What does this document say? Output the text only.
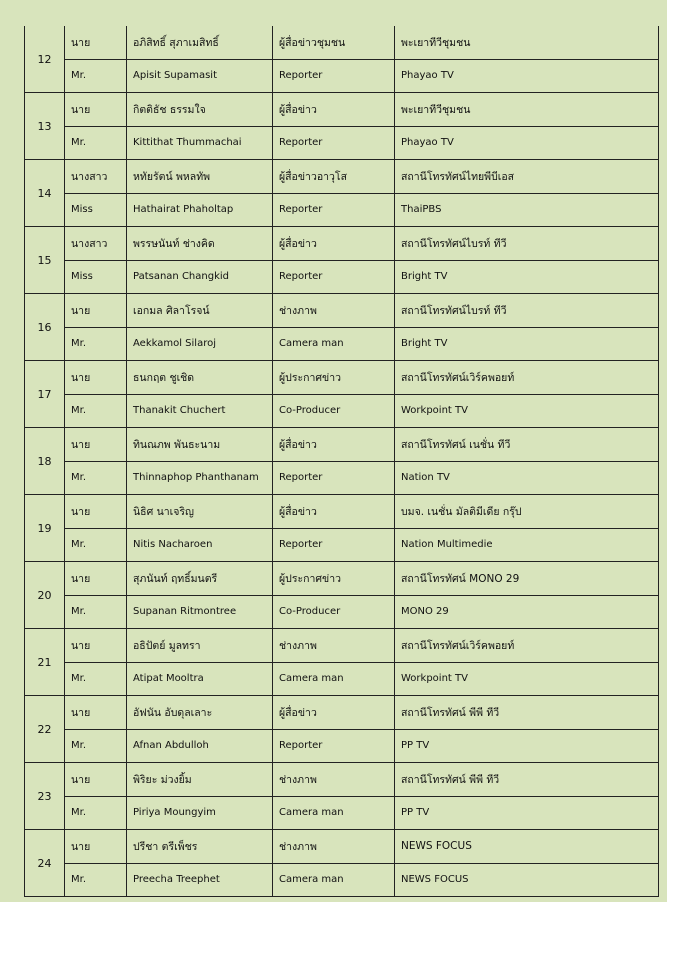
12	นาย	อภิสิทธิ์ สุภาเมสิทธิ์	ผู้สื่อข่าวชุมชน	พะเยาทีวีชุมชน
	Mr.	Apisit Supamasit	Reporter	Phayao TV
13	นาย	กิตติธัช ธรรมใจ	ผู้สื่อข่าว	พะเยาทีวีชุมชน
	Mr.	Kittithat Thummachai	Reporter	Phayao TV
14	นางสาว	หทัยรัตน์ พหลทัพ	ผู้สื่อข่าวอาวุโส	สถานีโทรทัศน์ไทยพีบีเอส
	Miss	Hathairat Phaholtap	Reporter	ThaiPBS
15	นางสาว	พรรษนันท์ ช่างคิด	ผู้สื่อข่าว	สถานีโทรทัศน์ไบรท์ ทีวี
	Miss	Patsanan Changkid	Reporter	Bright TV
16	นาย	เอกมล ศิลาโรจน์	ช่างภาพ	สถานีโทรทัศน์ไบรท์ ทีวี
	Mr.	Aekkamol Silaroj	Camera man	Bright TV
17	นาย	ธนกฤต ชูเชิด	ผู้ประกาศข่าว	สถานีโทรทัศน์เวิร์คพอยท์
	Mr.	Thanakit Chuchert	Co-Producer	Workpoint TV
18	นาย	ทินณภพ พันธะนาม	ผู้สื่อข่าว	สถานีโทรทัศน์ เนชั่น ทีวี
	Mr.	Thinnaphop Phanthanam	Reporter	Nation TV
19	นาย	นิธิศ นาเจริญ	ผู้สื่อข่าว	บมจ. เนชั่น มัลติมีเดีย กรุ๊ป
	Mr.	Nitis Nacharoen	Reporter	Nation Multimedie
20	นาย	สุภนันท์ ฤทธิ์มนตรี	ผู้ประกาศข่าว	สถานีโทรทัศน์ MONO 29
	Mr.	Supanan Ritmontree	Co-Producer	MONO 29
21	นาย	อธิปัตย์ มูลทรา	ช่างภาพ	สถานีโทรทัศน์เวิร์คพอยท์
	Mr.	Atipat Mooltra	Camera man	Workpoint TV
22	นาย	อัฟนัน อับดุลเลาะ	ผู้สื่อข่าว	สถานีโทรทัศน์ พีพี ทีวี
	Mr.	Afnan Abdulloh	Reporter	PP TV
23	นาย	พิริยะ ม่วงยิ้ม	ช่างภาพ	สถานีโทรทัศน์ พีพี ทีวี
	Mr.	Piriya Moungyim	Camera man	PP TV
24	นาย	ปรีชา ตรีเพ็ชร	ช่างภาพ	NEWS FOCUS
	Mr.	Preecha Treephet	Camera man	NEWS FOCUS
